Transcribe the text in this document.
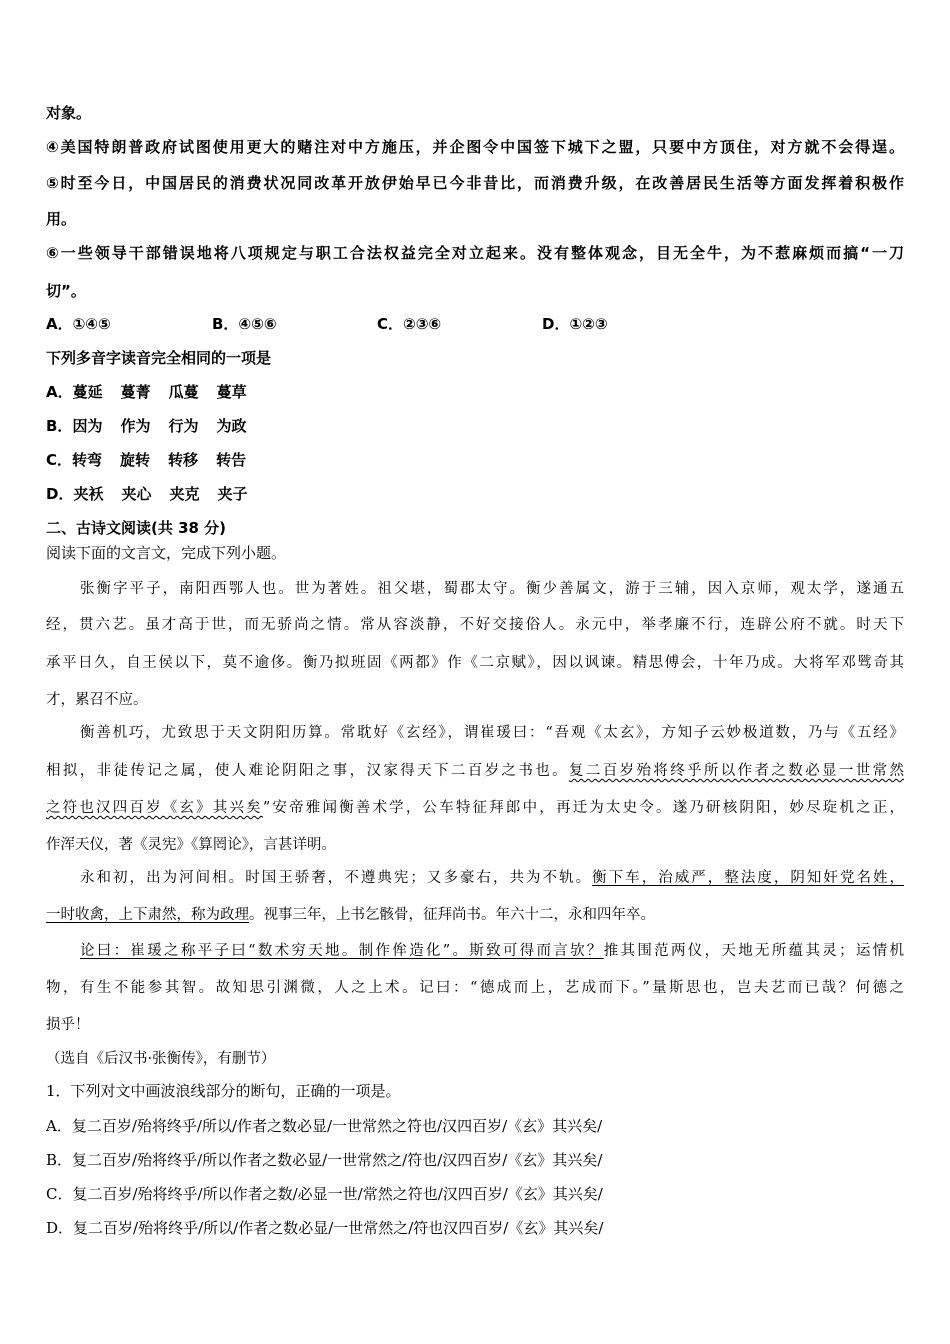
对象。
④美国特朗普政府试图使用更大的赌注对中方施压，并企图令中国签下城下之盟，只要中方顶住，对方就不会得逞。
⑤时至今日，中国居民的消费状况同改革开放伊始早已今非昔比，而消费升级，在改善居民生活等方面发挥着积极作
用。
⑥一些领导干部错误地将八项规定与职工合法权益完全对立起来。没有整体观念，目无全牛，为不惹麻烦而搞“一刀
切”。
A．①④⑤	B．④⑤⑥	C．②③⑥	D．①②③
下列多音字读音完全相同的一项是
A．蔓延 蔓菁 瓜蔓 蔓草
B．因为 作为 行为 为政
C．转弯 旋转 转移 转告
D．夹袄 夹心 夹克 夹子
二、古诗文阅读(共 38 分)
阅读下面的文言文，完成下列小题。
张衡字平子，南阳西鄂人也。世为著姓。祖父堪，蜀郡太守。衡少善属文，游于三辅，因入京师，观太学，遂通五
经，贯六艺。虽才高于世，而无骄尚之情。常从容淡静，不好交接俗人。永元中，举孝廉不行，连辟公府不就。时天下
承平日久，自王侯以下，莫不逾侈。衡乃拟班固《两都》作《二京赋》，因以讽谏。精思傅会，十年乃成。大将军邓骘奇其
才，累召不应。
衡善机巧，尤致思于天文阴阳历算。常耽好《玄经》，谓崔瑗曰：“吾观《太玄》，方知子云妙极道数，乃与《五经》
相拟，非徒传记之属，使人难论阴阳之事，汉家得天下二百岁之书也。复二百岁殆将终乎所以作者之数必显一世常然
之符也汉四百岁《玄》其兴矣”安帝雅闻衡善术学，公车特征拜郎中，再迁为太史令。遂乃研核阴阳，妙尽琁机之正，
作浑天仪，著《灵宪》《算罔论》，言甚详明。
永和初，出为河间相。时国王骄奢，不遵典宪；又多豪右，共为不轨。衡下车，治威严，整法度，阴知奸党名姓，
一时收禽，上下肃然，称为政理。视事三年，上书乞骸骨，征拜尚书。年六十二，永和四年卒。
论曰：崔瑗之称平子曰“数术穷天地。制作侔造化”。斯致可得而言欤？推其围范两仪，天地无所蕴其灵；运情机
物，有生不能参其智。故知思引渊微，人之上术。记曰：“德成而上，艺成而下。”量斯思也，岂夫艺而已哉？何德之
损乎！
（选自《后汉书·张衡传》，有删节）
1．下列对文中画波浪线部分的断句，正确的一项是。
A．复二百岁/殆将终乎/所以/作者之数必显/一世常然之符也/汉四百岁/《玄》其兴矣/
B．复二百岁/殆将终乎/所以作者之数必显/一世常然之/符也/汉四百岁/《玄》其兴矣/
C．复二百岁/殆将终乎/所以作者之数/必显一世/常然之符也/汉四百岁/《玄》其兴矣/
D．复二百岁/殆将终乎/所以/作者之数必显/一世常然之/符也汉四百岁/《玄》其兴矣/
